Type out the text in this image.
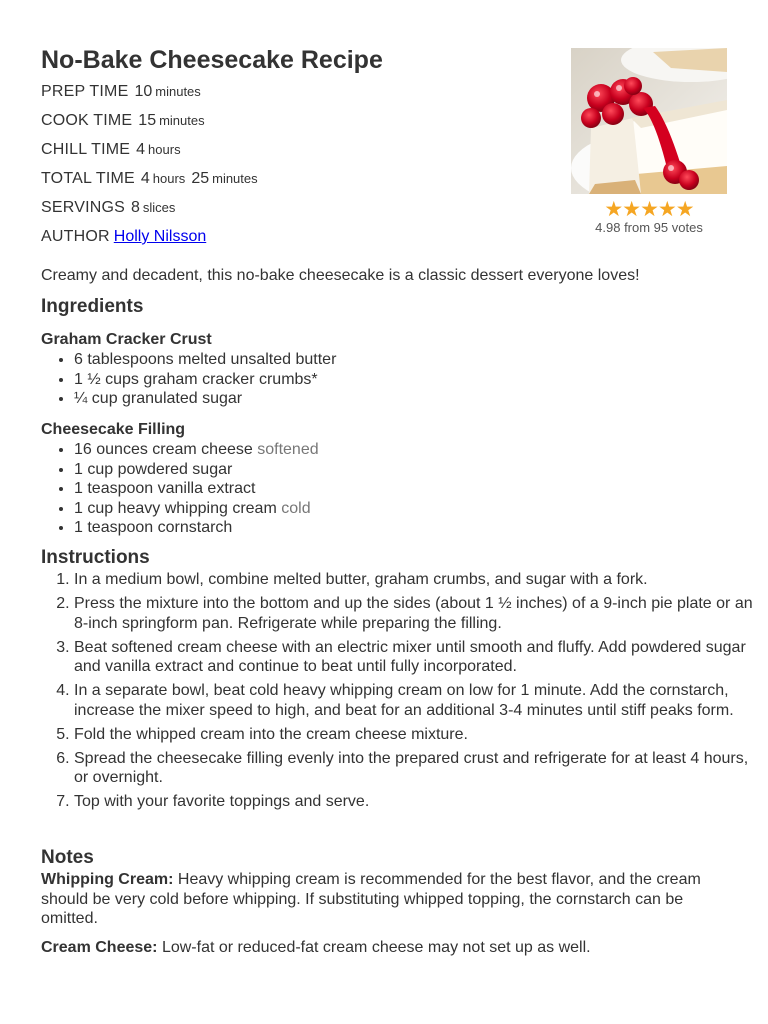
No-Bake Cheesecake Recipe
PREP TIME 10 minutes
COOK TIME 15 minutes
CHILL TIME 4 hours
TOTAL TIME 4 hours 25 minutes
SERVINGS 8 slices
AUTHOR Holly Nilsson
★★★★★
4.98 from 95 votes
Creamy and decadent, this no-bake cheesecake is a classic dessert everyone loves!
Ingredients
Graham Cracker Crust
• 6 tablespoons melted unsalted butter
• 1 ½ cups graham cracker crumbs*
• ¼ cup granulated sugar
Cheesecake Filling
• 16 ounces cream cheese softened
• 1 cup powdered sugar
• 1 teaspoon vanilla extract
• 1 cup heavy whipping cream cold
• 1 teaspoon cornstarch
Instructions
1. In a medium bowl, combine melted butter, graham crumbs, and sugar with a fork.
2. Press the mixture into the bottom and up the sides (about 1 ½ inches) of a 9-inch pie plate or an 8-inch springform pan. Refrigerate while preparing the filling.
3. Beat softened cream cheese with an electric mixer until smooth and fluffy. Add powdered sugar and vanilla extract and continue to beat until fully incorporated.
4. In a separate bowl, beat cold heavy whipping cream on low for 1 minute. Add the cornstarch, increase the mixer speed to high, and beat for an additional 3-4 minutes until stiff peaks form.
5. Fold the whipped cream into the cream cheese mixture.
6. Spread the cheesecake filling evenly into the prepared crust and refrigerate for at least 4 hours, or overnight.
7. Top with your favorite toppings and serve.
Notes

Whipping Cream: Heavy whipping cream is recommended for the best flavor, and the cream should be very cold before whipping. If substituting whipped topping, the cornstarch can be omitted.

Cream Cheese: Low-fat or reduced-fat cream cheese may not set up as well.
